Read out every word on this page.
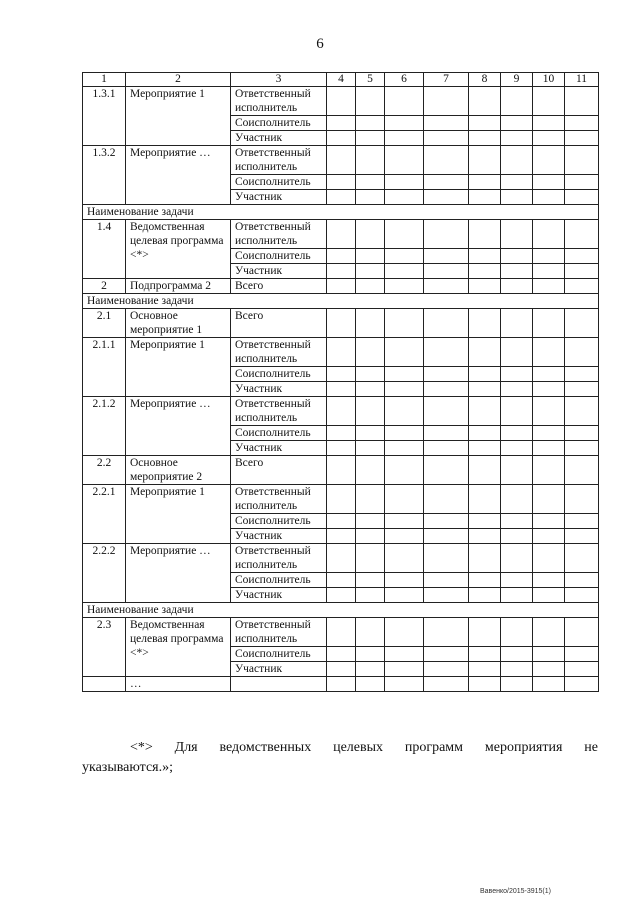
6
1	2	3	4	5	6	7	8	9	10	11
1.3.1	Мероприятие 1	Ответственный исполнитель								
		Соисполнитель								
		Участник								
1.3.2	Мероприятие …	Ответственный исполнитель								
		Соисполнитель								
		Участник								
Наименование задачи										
1.4	Ведомственная целевая программа <*>	Ответственный исполнитель								
		Соисполнитель								
		Участник								
2	Подпрограмма 2	Всего								
Наименование задачи										
2.1	Основное мероприятие 1	Всего								
2.1.1	Мероприятие 1	Ответственный исполнитель								
		Соисполнитель								
		Участник								
2.1.2	Мероприятие …	Ответственный исполнитель								
		Соисполнитель								
		Участник								
2.2	Основное мероприятие 2	Всего								
2.2.1	Мероприятие 1	Ответственный исполнитель								
		Соисполнитель								
		Участник								
2.2.2	Мероприятие …	Ответственный исполнитель								
		Соисполнитель								
		Участник								
Наименование задачи										
2.3	Ведомственная целевая программа <*>	Ответственный исполнитель								
		Соисполнитель								
		Участник								
	…									
<*> Для ведомственных целевых программ мероприятия не
указываются.»;
Вавенко/2015-3915(1)
